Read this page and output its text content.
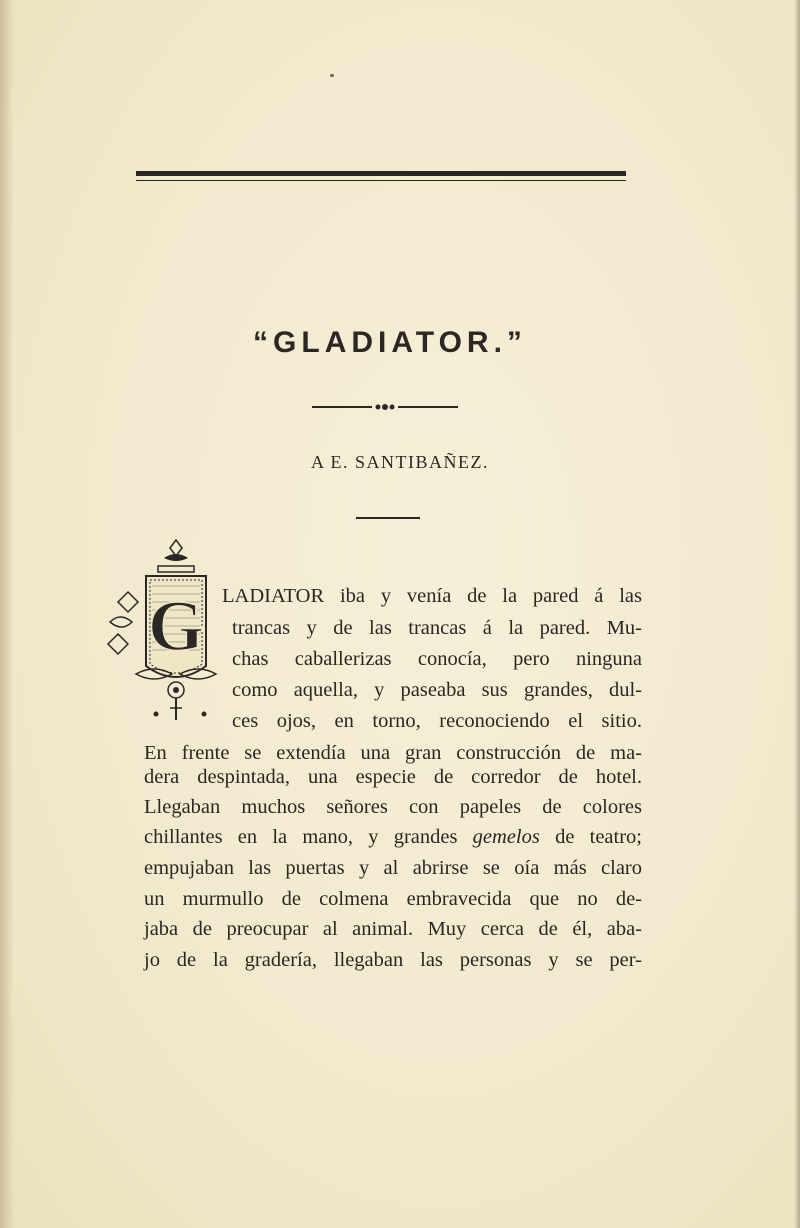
“GLADIATOR.”
A E. SANTIBAÑEZ.
G LADIATOR iba y venía de la pared á las
trancas y de las trancas á la pared. Mu-
chas caballerizas conocía, pero ninguna
como aquella, y paseaba sus grandes, dul-
ces ojos, en torno, reconociendo el sitio.
En frente se extendía una gran construcción de ma-
dera despintada, una especie de corredor de hotel.
Llegaban muchos señores con papeles de colores
chillantes en la mano, y grandes gemelos de teatro;
empujaban las puertas y al abrirse se oía más claro
un murmullo de colmena embravecida que no de-
jaba de preocupar al animal. Muy cerca de él, aba-
jo de la gradería, llegaban las personas y se per-
